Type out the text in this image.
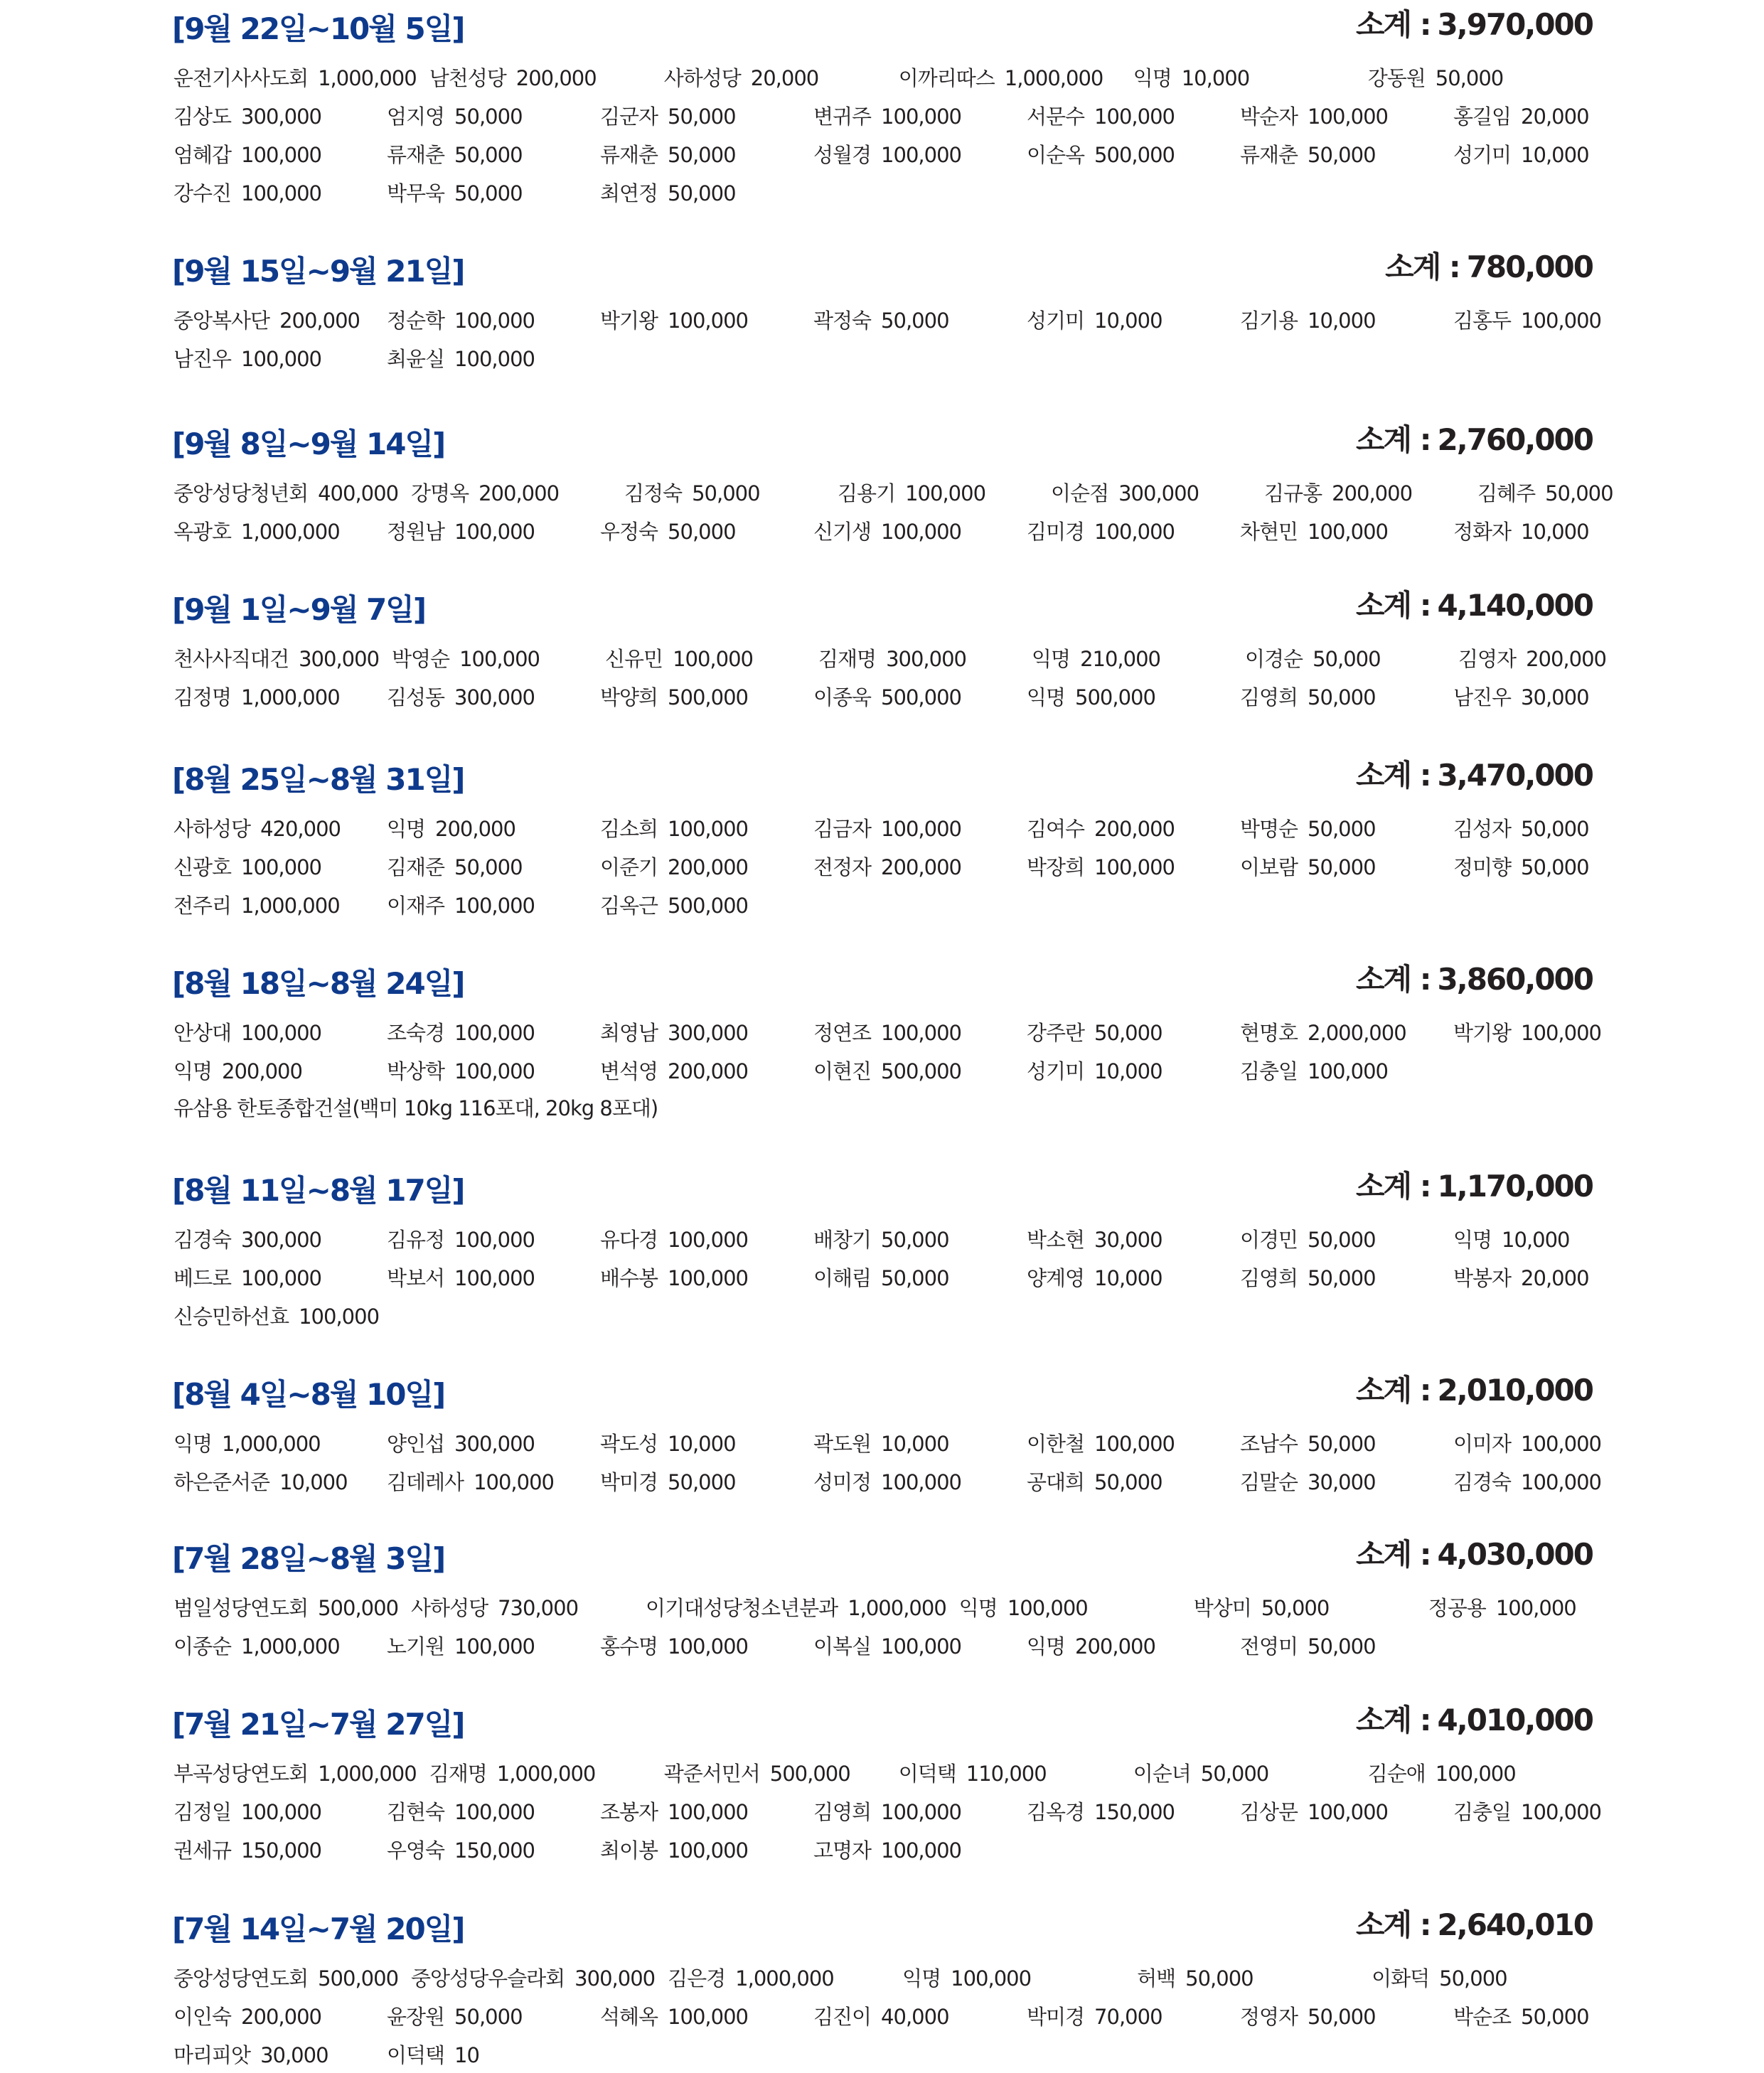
[9월 22일~10월 5일]	소계 : 3,970,000
운전기사사도회 1,000,000 남천성당 200,000	사하성당 20,000	이까리따스 1,000,000	익명 10,000	강동원 50,000
김상도 300,000	엄지영 50,000	김군자 50,000	변귀주 100,000	서문수 100,000	박순자 100,000	홍길임 20,000
엄혜갑 100,000	류재춘 50,000	류재춘 50,000	성월경 100,000	이순옥 500,000	류재춘 50,000	성기미 10,000
강수진 100,000	박무욱 50,000	최연정 50,000
[9월 15일~9월 21일]	소계 : 780,000
중앙복사단 200,000	정순학 100,000	박기왕 100,000	곽정숙 50,000	성기미 10,000	김기용 10,000	김홍두 100,000
남진우 100,000	최윤실 100,000
[9월 8일~9월 14일]	소계 : 2,760,000
중앙성당청년회 400,000 강명옥 200,000	김정숙 50,000	김용기 100,000	이순점 300,000	김규홍 200,000	김혜주 50,000
옥광호 1,000,000	정원남 100,000	우정숙 50,000	신기생 100,000	김미경 100,000	차현민 100,000	정화자 10,000
[9월 1일~9월 7일]	소계 : 4,140,000
천사사직대건 300,000 박영순 100,000	신유민 100,000	김재명 300,000	익명 210,000	이경순 50,000	김영자 200,000
김정명 1,000,000	김성동 300,000	박양희 500,000	이종욱 500,000	익명 500,000	김영희 50,000	남진우 30,000
[8월 25일~8월 31일]	소계 : 3,470,000
사하성당 420,000	익명 200,000	김소희 100,000	김금자 100,000	김여수 200,000	박명순 50,000	김성자 50,000
신광호 100,000	김재준 50,000	이준기 200,000	전정자 200,000	박장희 100,000	이보람 50,000	정미향 50,000
전주리 1,000,000	이재주 100,000	김옥근 500,000
[8월 18일~8월 24일]	소계 : 3,860,000
안상대 100,000	조숙경 100,000	최영남 300,000	정연조 100,000	강주란 50,000	현명호 2,000,000	박기왕 100,000
익명 200,000	박상학 100,000	변석영 200,000	이현진 500,000	성기미 10,000	김충일 100,000
유삼용 한토종합건설(백미 10kg 116포대, 20kg 8포대)
[8월 11일~8월 17일]	소계 : 1,170,000
김경숙 300,000	김유정 100,000	유다경 100,000	배창기 50,000	박소현 30,000	이경민 50,000	익명 10,000
베드로 100,000	박보서 100,000	배수봉 100,000	이해림 50,000	양계영 10,000	김영희 50,000	박봉자 20,000
신승민하선효 100,000
[8월 4일~8월 10일]	소계 : 2,010,000
익명 1,000,000	양인섭 300,000	곽도성 10,000	곽도원 10,000	이한철 100,000	조남수 50,000	이미자 100,000
하은준서준 10,000	김데레사 100,000	박미경 50,000	성미정 100,000	공대희 50,000	김말순 30,000	김경숙 100,000
[7월 28일~8월 3일]	소계 : 4,030,000
범일성당연도회 500,000 사하성당 730,000	이기대성당청소년분과 1,000,000 익명 100,000	박상미 50,000	정공용 100,000
이종순 1,000,000	노기원 100,000	홍수명 100,000	이복실 100,000	익명 200,000	전영미 50,000
[7월 21일~7월 27일]	소계 : 4,010,000
부곡성당연도회 1,000,000 김재명 1,000,000	곽준서민서 500,000	이덕택 110,000	이순녀 50,000	김순애 100,000
김정일 100,000	김현숙 100,000	조봉자 100,000	김영희 100,000	김옥경 150,000	김상문 100,000	김충일 100,000
권세규 150,000	우영숙 150,000	최이봉 100,000	고명자 100,000
[7월 14일~7월 20일]	소계 : 2,640,010
중앙성당연도회 500,000 중앙성당우슬라회 300,000 김은경 1,000,000	익명 100,000	허백 50,000	이화덕 50,000
이인숙 200,000	윤장원 50,000	석혜옥 100,000	김진이 40,000	박미경 70,000	정영자 50,000	박순조 50,000
마리피앗 30,000	이덕택 10
